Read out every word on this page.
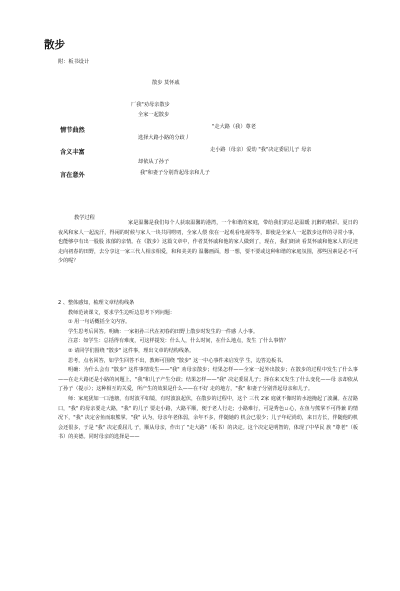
散步
附：板书设计
散步 莫怀戚
厂我"劝母亲散步
全家一起散步
情节曲然	"走大路（我）尊老
选择大路小路的分歧丿
含义丰富	走小路（母亲）爱幼 "我"决定委屈儿子 母亲
却依从了孙子
言在意外	我"和妻子分别背起母亲和儿子
教学过程

家是温馨是我们每个人获取温馨的港湾，一个和谐的家庭，带给我们的总是温暖 沉醉的精彩。夏日的夜风和家人一起流汗，得闲的时候与家人一块共同唠叨，全家人偎 依在一起观看电视等等，即使是全家人一起散步这样的寻常小事，也能够亭有出一股股 浓郁的亲情。在《散步》这篇文章中，作者莫怀戚和他的家人做到了，现在，我们朗读 看莫怀戚和他家人的足迹走向初春的田野，去分享这一家三代人相亲相爱，和和美美的 温馨画面，想一想，要不要或这种和谐的家庭氛围，那些因素是必不可少的呢？

2 、整体感知，梳理文章结构线条

教师范读课文，要求学生边听边思考下列问题：

① 用一句话概括全文内容。

学生思考后回答。明确：一家祖孙三代在初春的田野上散步时发生的一件感 人小事。

注意：如学生：总括得有难度，可这样提发：什么人，什么时间，在什么地点，发生 了什么事情？

② 请同学们围绕 "散步" 这件事，理出文章的结构线条。

思考，点名回答，如学生回答不出，教师可围绕 "散步" 这一中心事件来启发学 生，边答边板书。

明确：为什么会有 "散步" 这件事情发生——"我" 劝母亲散步；结果怎样——全家一起外出散步；在散步的过程中发生了什么事——在走大路还是小路的问题上，"我"和儿子产生分歧；结果怎样——"我" 决定委屈儿子；择在来又发生了什么变化——母 亲却依从了孙子（提示）；这种相互的关爱，所产生的效果是什么——在不好 走的地方，"我" 和妻子分别背起母亲和儿子。

师：家庭犹如一口池塘，有时波平如镜，有时波浪起伏，在散步的过程中，这个 三代 2家 庭就不像时的水池掩起了波澜。在岔路口，"我" 的母亲要走大路，"我" 的儿子 要走小路，大路平顺，便于老人行走；小路难行，可是秀色ㄩ心，在鱼与熊掌不可得兼 的情况下，"我" 决定舍鱼而取熊掌。"我" 认为，母亲年老体弱，余年不多，伴随她的 机会已很少；儿子年纪尚幼，来日方长，伴随他的机会还很多，于是 "我" 决定委屈儿 子，顺从母亲，作出了 "走大路"（板书）的决定。这个决定是明智的，体现了中华民 族 "尊老"（板书）的美德。同时母亲的选择是——
